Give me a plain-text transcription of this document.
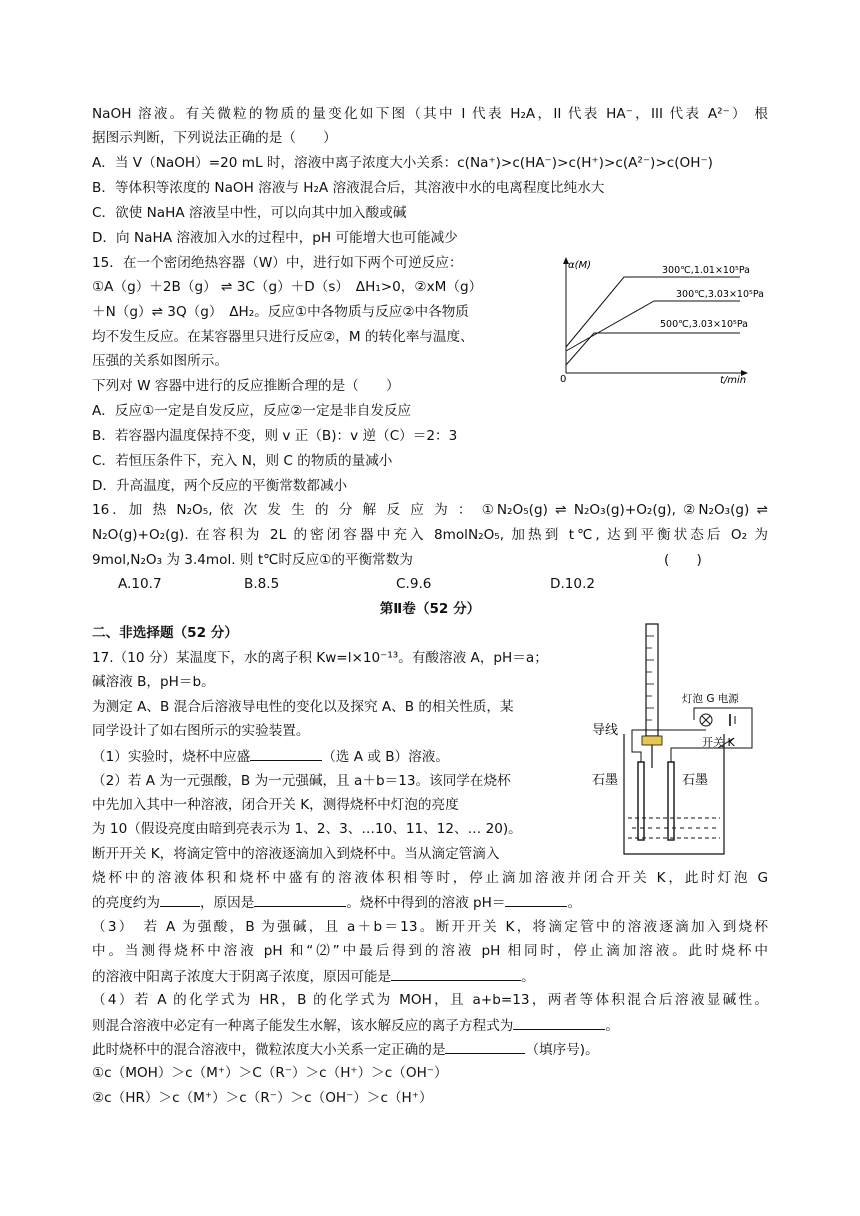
NaOH 溶液。有关微粒的物质的量变化如下图（其中 I 代表 H₂A，II 代表 HA⁻，III 代表 A²⁻） 根
据图示判断，下列说法正确的是（　　）
A．当 V（NaOH）=20 mL 时，溶液中离子浓度大小关系：c(Na⁺)>c(HA⁻)>c(H⁺)>c(A²⁻)>c(OH⁻)
B．等体积等浓度的 NaOH 溶液与 H₂A 溶液混合后，其溶液中水的电离程度比纯水大
C．欲使 NaHA 溶液呈中性，可以向其中加入酸或碱
D．向 NaHA 溶液加入水的过程中，pH 可能增大也可能减少
15．在一个密闭绝热容器（W）中，进行如下两个可逆反应：
①A（g）＋2B（g） ⇌ 3C（g）＋D（s）　ΔH₁>0，②xM（g）
＋N（g）⇌ 3Q（g）　ΔH₂。反应①中各物质与反应②中各物质
均不发生反应。在某容器里只进行反应②，M 的转化率与温度、
压强的关系如图所示。
下列对 W 容器中进行的反应推断合理的是（　　）
A．反应①一定是自发反应，反应②一定是非自发反应
B．若容器内温度保持不变，则 v 正（B)：v 逆（C）＝2：3
C．若恒压条件下，充入 N，则 C 的物质的量减小
D．升高温度，两个反应的平衡常数都减小
α(M)
t/min
0
300℃,1.01×10⁵Pa
300℃,3.03×10⁵Pa
500℃,3.03×10⁵Pa
16．加 热 N₂O₅, 依 次 发 生 的 分 解 反 应 为 ： ①N₂O₅(g) ⇌ N₂O₃(g)+O₂(g), ②N₂O₃(g) ⇌
N₂O(g)+O₂(g). 在容积为 2L 的密闭容器中充入 8molN₂O₅, 加热到 t℃, 达到平衡状态后 O₂ 为
9mol,N₂O₃ 为 3.4mol. 则 t℃时反应①的平衡常数为	(　　)
A.10.7	B.8.5	C.9.6	D.10.2
第Ⅱ卷（52 分）
二、非选择题（52 分）
17.（10 分）某温度下，水的离子积 Kw=l×10⁻¹³。有酸溶液 A，pH＝a；
碱溶液 B，pH＝b。
为测定 A、B 混合后溶液导电性的变化以及探究 A、B 的相关性质，某
同学设计了如右图所示的实验装置。
（1）实验时，烧杯中应盛	（选 A 或 B）溶液。
（2）若 A 为一元强酸，B 为一元强碱，且 a＋b＝13。该同学在烧杯
中先加入其中一种溶液，闭合开关 K，测得烧杯中灯泡的亮度
为 10（假设亮度由暗到亮表示为 1、2、3、…10、11、12、… 20)。
断开开关 K，将滴定管中的溶液逐滴加入到烧杯中。当从滴定管滴入
烧杯中的溶液体积和烧杯中盛有的溶液体积相等时，停止滴加溶液并闭合开关 K，此时灯泡 G
的亮度约为	，原因是	。烧杯中得到的溶液 pH＝	。
（3）　若 A 为强酸，B 为强碱，且 a＋b＝13。断开开关 K，将滴定管中的溶液逐滴加入到烧杯
中。当测得烧杯中溶液 pH 和“⑵”中最后得到的溶液 pH 相同时，停止滴加溶液。此时烧杯中
的溶液中阳离子浓度大于阴离子浓度，原因可能是	。
（4）若 A 的化学式为 HR，B 的化学式为 MOH，且 a+b=13，两者等体积混合后溶液显碱性。
则混合溶液中必定有一种离子能发生水解，该水解反应的离子方程式为	。
此时烧杯中的混合溶液中，微粒浓度大小关系一定正确的是	（填序号)。
①c（MOH）＞c（M⁺）＞C（R⁻）＞c（H⁺）＞c（OH⁻）
②c（HR）＞c（M⁺）＞c（R⁻）＞c（OH⁻）＞c（H⁺）
导线
灯泡 G 电源
开关 K
石墨	石墨
